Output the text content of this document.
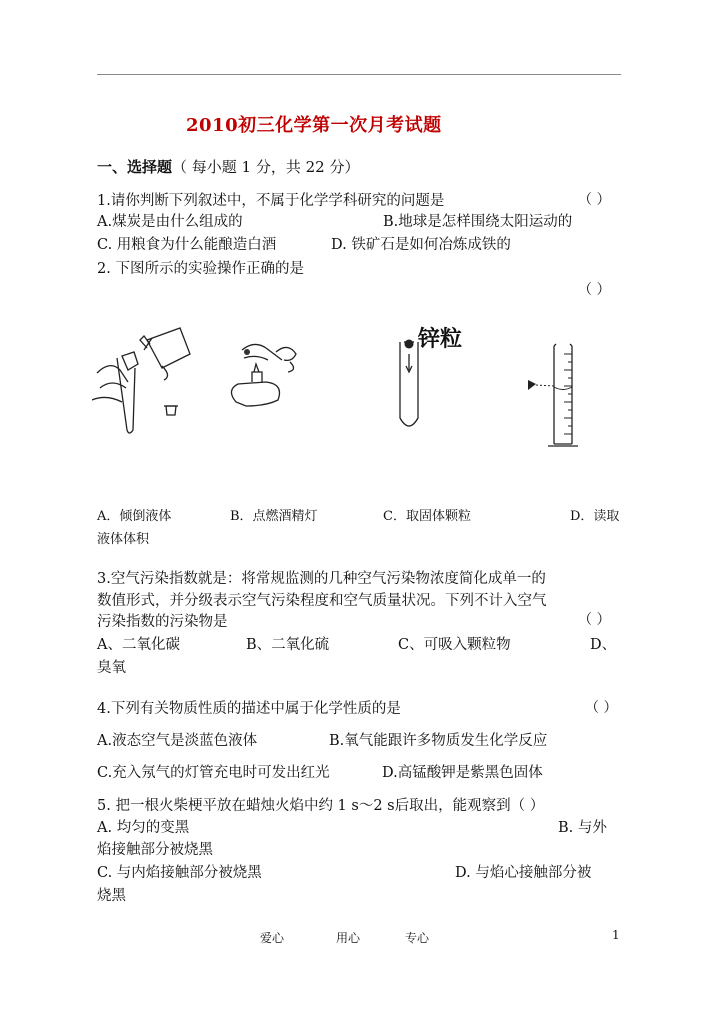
2010初三化学第一次月考试题
一、选择题（ 每小题 1 分，共 22 分）
1.请你判断下列叙述中，不属于化学学科研究的问题是	（ ）
A.煤炭是由什么组成的	B.地球是怎样围绕太阳运动的
C. 用粮食为什么能酿造白酒	D. 铁矿石是如何冶炼成铁的
2. 下图所示的实验操作正确的是
（ ）
锌粒
A．倾倒液体	B．点燃酒精灯	C．取固体颗粒	D．读取
液体体积
3.空气污染指数就是：将常规监测的几种空气污染物浓度简化成单一的
数值形式，并分级表示空气污染程度和空气质量状况。下列不计入空气
污染指数的污染物是	（ ）
A、二氧化碳	B、二氧化硫	C、可吸入颗粒物	D、
臭氧
4.下列有关物质性质的描述中属于化学性质的是	（ ）
A.液态空气是淡蓝色液体	B.氧气能跟许多物质发生化学反应
C.充入氖气的灯管充电时可发出红光	D.高锰酸钾是紫黑色固体
5. 把一根火柴梗平放在蜡烛火焰中约 1 s～2 s后取出，能观察到（ ）
A. 均匀的变黑	B. 与外
焰接触部分被烧黑
C. 与内焰接触部分被烧黑	D. 与焰心接触部分被
烧黑
爱心	用心	专心	1
